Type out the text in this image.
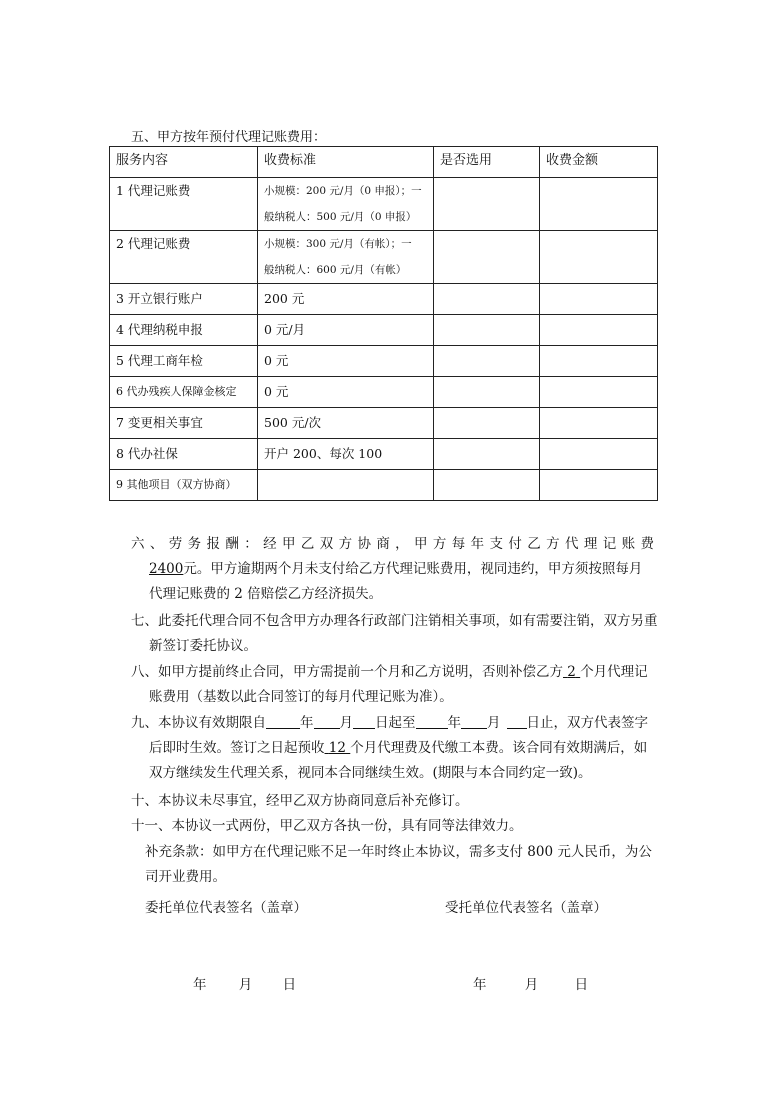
五、甲方按年预付代理记账费用：
服务内容	收费标准	是否选用	收费金额
1 代理记账费	小规模：200 元/月（0 申报）；一
般纳税人：500 元/月（0 申报）		

2 代理记账费	小规模：300 元/月（有帐）；一
般纳税人：600 元/月（有帐）		

3 开立银行账户	200 元		
4 代理纳税申报	0 元/月		
5 代理工商年检	0 元		
6 代办残疾人保障金核定	0 元		
7 变更相关事宜	500 元/次		
8 代办社保	开户 200、每次 100		
9 其他项目（双方协商）			
六、劳务报酬：经甲乙双方协商，甲方每年支付乙方代理记账费
2400元。甲方逾期两个月未支付给乙方代理记账费用，视同违约，甲方须按照每月
代理记账费的 2 倍赔偿乙方经济损失。
七、此委托代理合同不包含甲方办理各行政部门注销相关事项，如有需要注销，双方另重
新签订委托协议。
八、如甲方提前终止合同，甲方需提前一个月和乙方说明，否则补偿乙方 2 个月代理记
账费用（基数以此合同签订的每月代理记账为准）。
九、本协议有效期限自	年 月 日起至 年 月 日止，双方代表签字
后即时生效。签订之日起预收 12 个月代理费及代缴工本费。该合同有效期满后，如
双方继续发生代理关系，视同本合同继续生效。(期限与本合同约定一致)。
十、本协议未尽事宜，经甲乙双方协商同意后补充修订。
十一、本协议一式两份，甲乙双方各执一份，具有同等法律效力。
补充条款：如甲方在代理记账不足一年时终止本协议，需多支付 800 元人民币，为公
司开业费用。
委托单位代表签名（盖章）	受托单位代表签名（盖章）
年 月 日	年	月	日
